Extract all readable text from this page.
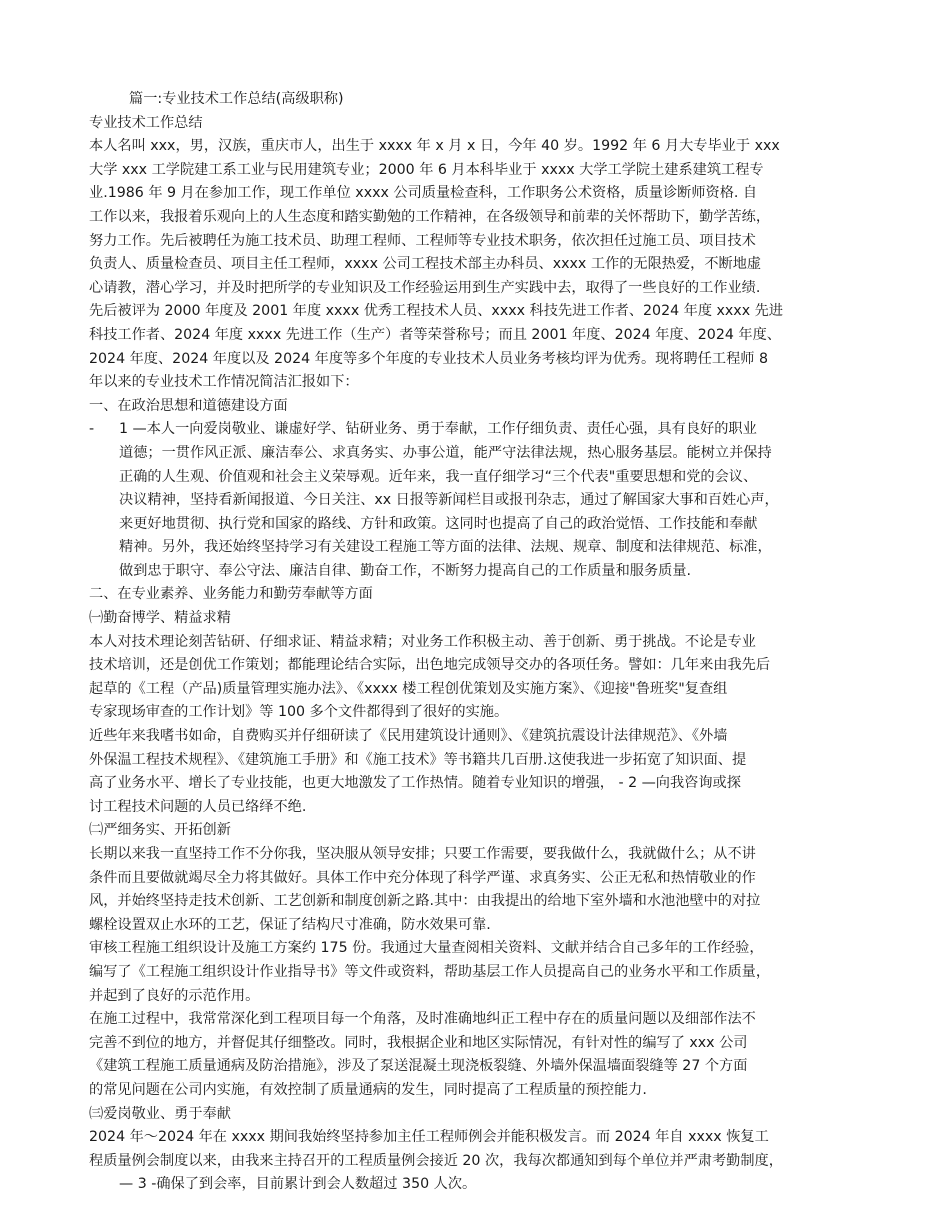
篇一:专业技术工作总结(高级职称)

专业技术工作总结

本人名叫 xxx，男，汉族，重庆市人，出生于 xxxx 年 x 月 x 日，今年 40 岁。1992 年 6 月大专毕业于 xxx

大学 xxx 工学院建工系工业与民用建筑专业；2000 年 6 月本科毕业于 xxxx 大学工学院土建系建筑工程专

业.1986 年 9 月在参加工作，现工作单位 xxxx 公司质量检查科，工作职务公术资格，质量诊断师资格. 自

工作以来，我报着乐观向上的人生态度和踏实勤勉的工作精神，在各级领导和前辈的关怀帮助下，勤学苦练，

努力工作。先后被聘任为施工技术员、助理工程师、工程师等专业技术职务，依次担任过施工员、项目技术

负责人、质量检查员、项目主任工程师，xxxx 公司工程技术部主办科员、xxxx 工作的无限热爱，不断地虚

心请教，潜心学习，并及时把所学的专业知识及工作经验运用到生产实践中去，取得了一些良好的工作业绩.

先后被评为 2000 年度及 2001 年度 xxxx 优秀工程技术人员、xxxx 科技先进工作者、2024 年度 xxxx 先进

科技工作者、2024 年度 xxxx 先进工作（生产）者等荣誉称号；而且 2001 年度、2024 年度、2024 年度、

2024 年度、2024 年度以及 2024 年度等多个年度的专业技术人员业务考核均评为优秀。现将聘任工程师 8

年以来的专业技术工作情况简洁汇报如下：

一、在政治思想和道德建设方面

- 1 —本人一向爱岗敬业、谦虚好学、钻研业务、勇于奉献，工作仔细负责、责任心强，具有良好的职业

道德；一贯作风正派、廉洁奉公、求真务实、办事公道，能严守法律法规，热心服务基层。能树立并保持

正确的人生观、价值观和社会主义荣辱观。近年来，我一直仔细学习“三个代表"重要思想和党的会议、

决议精神，坚持看新闻报道、今日关注、xx 日报等新闻栏目或报刊杂志，通过了解国家大事和百姓心声，

来更好地贯彻、执行党和国家的路线、方针和政策。这同时也提高了自己的政治觉悟、工作技能和奉献

精神。另外，我还始终坚持学习有关建设工程施工等方面的法律、法规、规章、制度和法律规范、标准，

做到忠于职守、奉公守法、廉洁自律、勤奋工作，不断努力提高自己的工作质量和服务质量.

二、在专业素养、业务能力和勤劳奉献等方面

㈠勤奋博学、精益求精

本人对技术理论刻苦钻研、仔细求证、精益求精；对业务工作积极主动、善于创新、勇于挑战。不论是专业

技术培训，还是创优工作策划；都能理论结合实际，出色地完成领导交办的各项任务。譬如：几年来由我先后

起草的《工程（产品)质量管理实施办法》、《xxxx 楼工程创优策划及实施方案》、《迎接"鲁班奖"复查组

专家现场审查的工作计划》等 100 多个文件都得到了很好的实施。

近些年来我嗜书如命，自费购买并仔细研读了《民用建筑设计通则》、《建筑抗震设计法律规范》、《外墙

外保温工程技术规程》、《建筑施工手册》和《施工技术》等书籍共几百册.这使我进一步拓宽了知识面、提

高了业务水平、增长了专业技能，也更大地激发了工作热情。随着专业知识的增强， - 2 —向我咨询或探

讨工程技术问题的人员已络绎不绝.

㈡严细务实、开拓创新

长期以来我一直坚持工作不分你我，坚决服从领导安排；只要工作需要，要我做什么，我就做什么；从不讲

条件而且要做就竭尽全力将其做好。具体工作中充分体现了科学严谨、求真务实、公正无私和热情敬业的作

风，并始终坚持走技术创新、工艺创新和制度创新之路.其中：由我提出的给地下室外墙和水池池壁中的对拉

螺栓设置双止水环的工艺，保证了结构尺寸准确，防水效果可靠.

审核工程施工组织设计及施工方案约 175 份。我通过大量查阅相关资料、文献并结合自己多年的工作经验，

编写了《工程施工组织设计作业指导书》等文件或资料，帮助基层工作人员提高自己的业务水平和工作质量，

并起到了良好的示范作用。

在施工过程中，我常常深化到工程项目每一个角落，及时准确地纠正工程中存在的质量问题以及细部作法不

完善不到位的地方，并督促其仔细整改。同时，我根据企业和地区实际情况，有针对性的编写了 xxx 公司

《建筑工程施工质量通病及防治措施》，涉及了泵送混凝土现浇板裂缝、外墙外保温墙面裂缝等 27 个方面

的常见问题在公司内实施，有效控制了质量通病的发生，同时提高了工程质量的预控能力.

㈢爱岗敬业、勇于奉献

2024 年～2024 年在 xxxx 期间我始终坚持参加主任工程师例会并能积极发言。而 2024 年自 xxxx 恢复工

程质量例会制度以来，由我来主持召开的工程质量例会接近 20 次，我每次都通知到每个单位并严肃考勤制度，

— 3 -确保了到会率，目前累计到会人数超过 350 人次。
